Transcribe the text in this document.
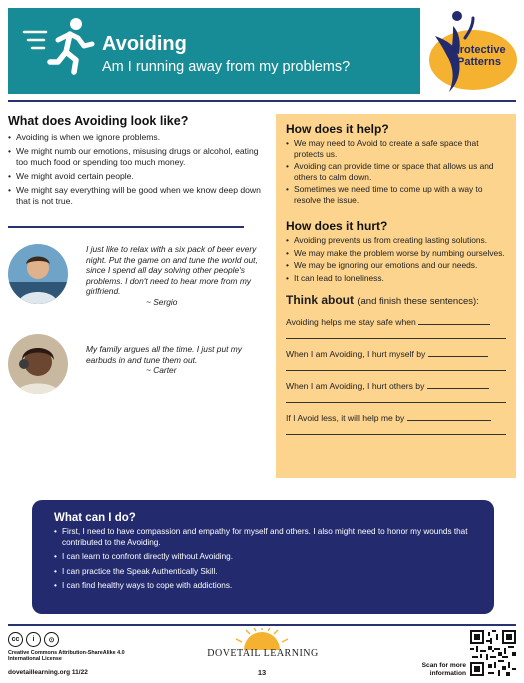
Avoiding
Am I running away from my problems?
Protective Patterns
What does Avoiding look like?
• Avoiding is when we ignore problems.
• We might numb our emotions, misusing drugs or alcohol, eating too much food or spending too much money.
• We might avoid certain people.
• We might say everything will be good when we know deep down that is not true.
I just like to relax with a six pack of beer every night. Put the game on and tune the world out, since I spend all day solving other people's problems. I don't need to hear more from my girlfriend.
~ Sergio
My family argues all the time. I just put my earbuds in and tune them out.
~ Carter
How does it help?
• We may need to Avoid to create a safe space that protects us.
• Avoiding can provide time or space that allows us and others to calm down.
• Sometimes we need time to come up with a way to resolve the issue.
How does it hurt?
• Avoiding prevents us from creating lasting solutions.
• We may make the problem worse by numbing ourselves.
• We may be ignoring our emotions and our needs.
• It can lead to loneliness.
Think about (and finish these sentences):
Avoiding helps me stay safe when
When I am Avoiding, I hurt myself by
When I am Avoiding, I hurt others by
If I Avoid less, it will help me by
What can I do?
• First, I need to have compassion and empathy for myself and others. I also might need to honor my wounds that contributed to the Avoiding.
• I can learn to confront directly without Avoiding.
• I can practice the Speak Authentically Skill.
• I can find healthy ways to cope with addictions.
cc	i	⊙
Creative Commons Attribution-ShareAlike 4.0 International License
dovetaillearning.org 11/22
DOVETAIL LEARNING
13
Scan for more information
